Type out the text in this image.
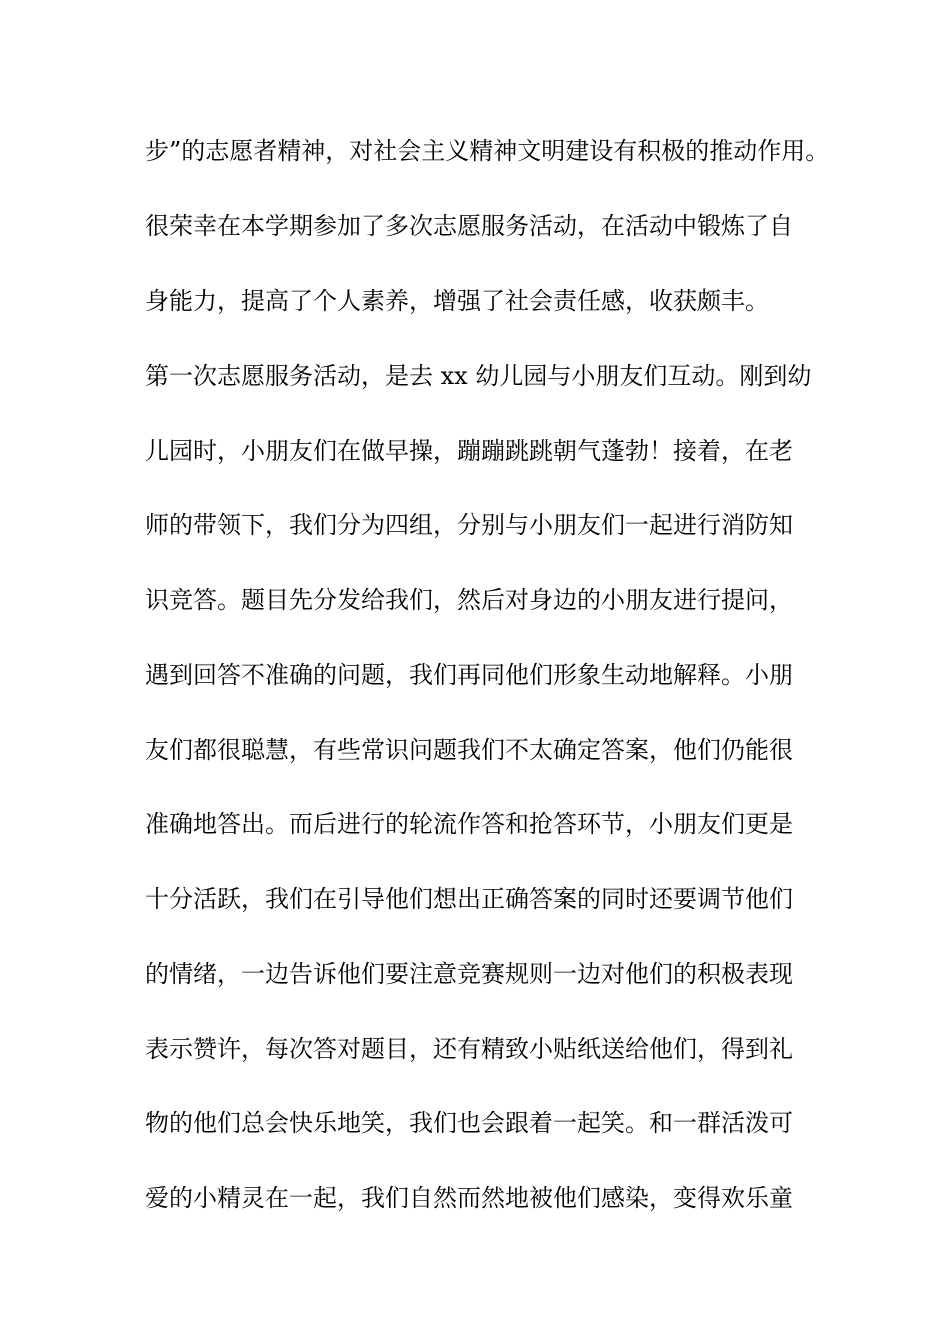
步”的志愿者精神，对社会主义精神文明建设有积极的推动作用。
很荣幸在本学期参加了多次志愿服务活动，在活动中锻炼了自
身能力，提高了个人素养，增强了社会责任感，收获颇丰。
第一次志愿服务活动，是去 xx 幼儿园与小朋友们互动。刚到幼
儿园时，小朋友们在做早操，蹦蹦跳跳朝气蓬勃！接着，在老
师的带领下，我们分为四组，分别与小朋友们一起进行消防知
识竞答。题目先分发给我们，然后对身边的小朋友进行提问，
遇到回答不准确的问题，我们再同他们形象生动地解释。小朋
友们都很聪慧，有些常识问题我们不太确定答案，他们仍能很
准确地答出。而后进行的轮流作答和抢答环节，小朋友们更是
十分活跃，我们在引导他们想出正确答案的同时还要调节他们
的情绪，一边告诉他们要注意竞赛规则一边对他们的积极表现
表示赞许，每次答对题目，还有精致小贴纸送给他们，得到礼
物的他们总会快乐地笑，我们也会跟着一起笑。和一群活泼可
爱的小精灵在一起，我们自然而然地被他们感染，变得欢乐童
